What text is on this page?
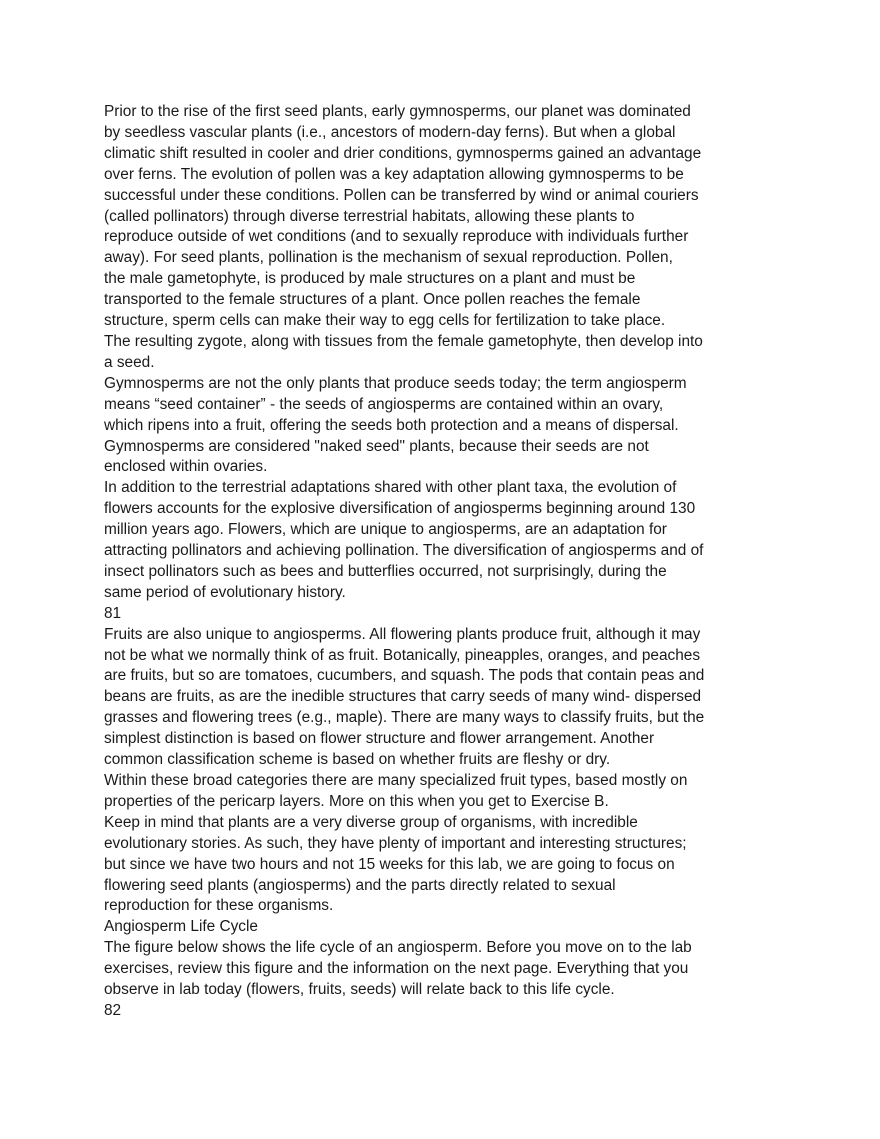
Prior to the rise of the first seed plants, early gymnosperms, our planet was dominated

by seedless vascular plants (i.e., ancestors of modern-day ferns). But when a global

climatic shift resulted in cooler and drier conditions, gymnosperms gained an advantage

over ferns. The evolution of pollen was a key adaptation allowing gymnosperms to be

successful under these conditions. Pollen can be transferred by wind or animal couriers

(called pollinators) through diverse terrestrial habitats, allowing these plants to

reproduce outside of wet conditions (and to sexually reproduce with individuals further

away). For seed plants, pollination is the mechanism of sexual reproduction. Pollen,

the male gametophyte, is produced by male structures on a plant and must be

transported to the female structures of a plant. Once pollen reaches the female

structure, sperm cells can make their way to egg cells for fertilization to take place.

The resulting zygote, along with tissues from the female gametophyte, then develop into

a seed.

Gymnosperms are not the only plants that produce seeds today; the term angiosperm

means “seed container” - the seeds of angiosperms are contained within an ovary,

which ripens into a fruit, offering the seeds both protection and a means of dispersal.

Gymnosperms are considered "naked seed" plants, because their seeds are not

enclosed within ovaries.

In addition to the terrestrial adaptations shared with other plant taxa, the evolution of

flowers accounts for the explosive diversification of angiosperms beginning around 130

million years ago. Flowers, which are unique to angiosperms, are an adaptation for

attracting pollinators and achieving pollination. The diversification of angiosperms and of

insect pollinators such as bees and butterflies occurred, not surprisingly, during the

same period of evolutionary history.

81

Fruits are also unique to angiosperms. All flowering plants produce fruit, although it may

not be what we normally think of as fruit. Botanically, pineapples, oranges, and peaches

are fruits, but so are tomatoes, cucumbers, and squash. The pods that contain peas and

beans are fruits, as are the inedible structures that carry seeds of many wind- dispersed

grasses and flowering trees (e.g., maple). There are many ways to classify fruits, but the

simplest distinction is based on flower structure and flower arrangement. Another

common classification scheme is based on whether fruits are fleshy or dry.

Within these broad categories there are many specialized fruit types, based mostly on

properties of the pericarp layers. More on this when you get to Exercise B.

Keep in mind that plants are a very diverse group of organisms, with incredible

evolutionary stories. As such, they have plenty of important and interesting structures;

but since we have two hours and not 15 weeks for this lab, we are going to focus on

flowering seed plants (angiosperms) and the parts directly related to sexual

reproduction for these organisms.

Angiosperm Life Cycle

The figure below shows the life cycle of an angiosperm. Before you move on to the lab

exercises, review this figure and the information on the next page. Everything that you

observe in lab today (flowers, fruits, seeds) will relate back to this life cycle.

82
